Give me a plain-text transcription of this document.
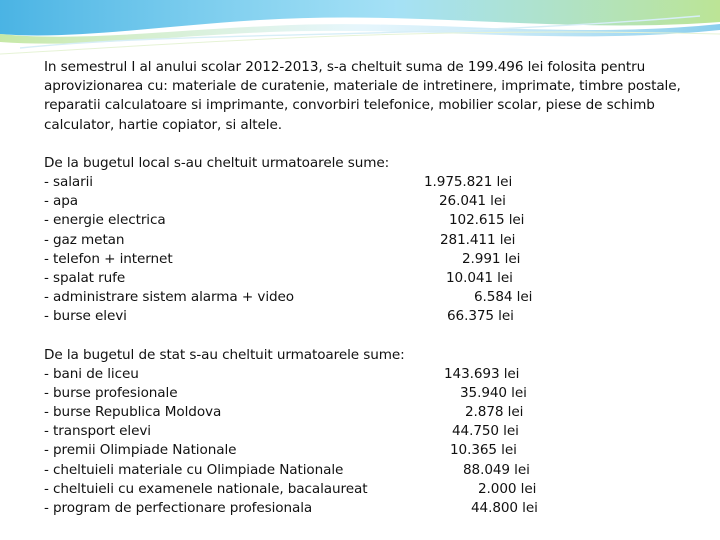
In semestrul I al anului scolar 2012-2013, s-a cheltuit suma de 199.496 lei folosita pentru

aprovizionarea cu: materiale de curatenie, materiale de intretinere, imprimate, timbre postale,

reparatii calculatoare si imprimante, convorbiri telefonice, mobilier scolar, piese de schimb

calculator, hartie copiator, si altele.

De la bugetul local s-au cheltuit urmatoarele sume:

- salarii	1.975.821 lei
- apa	26.041 lei
- energie electrica	102.615 lei
- gaz metan	281.411 lei
- telefon + internet	2.991 lei
- spalat rufe	10.041 lei
- administrare sistem alarma + video	6.584 lei
- burse elevi	66.375 lei

De la bugetul de stat s-au cheltuit urmatoarele sume:

- bani de liceu	143.693 lei
- burse profesionale	35.940 lei
- burse Republica Moldova	2.878 lei
- transport elevi	44.750 lei
- premii Olimpiade Nationale	10.365 lei
- cheltuieli materiale cu Olimpiade Nationale	88.049 lei
- cheltuieli cu examenele nationale, bacalaureat	2.000 lei
- program de perfectionare profesionala	44.800 lei
